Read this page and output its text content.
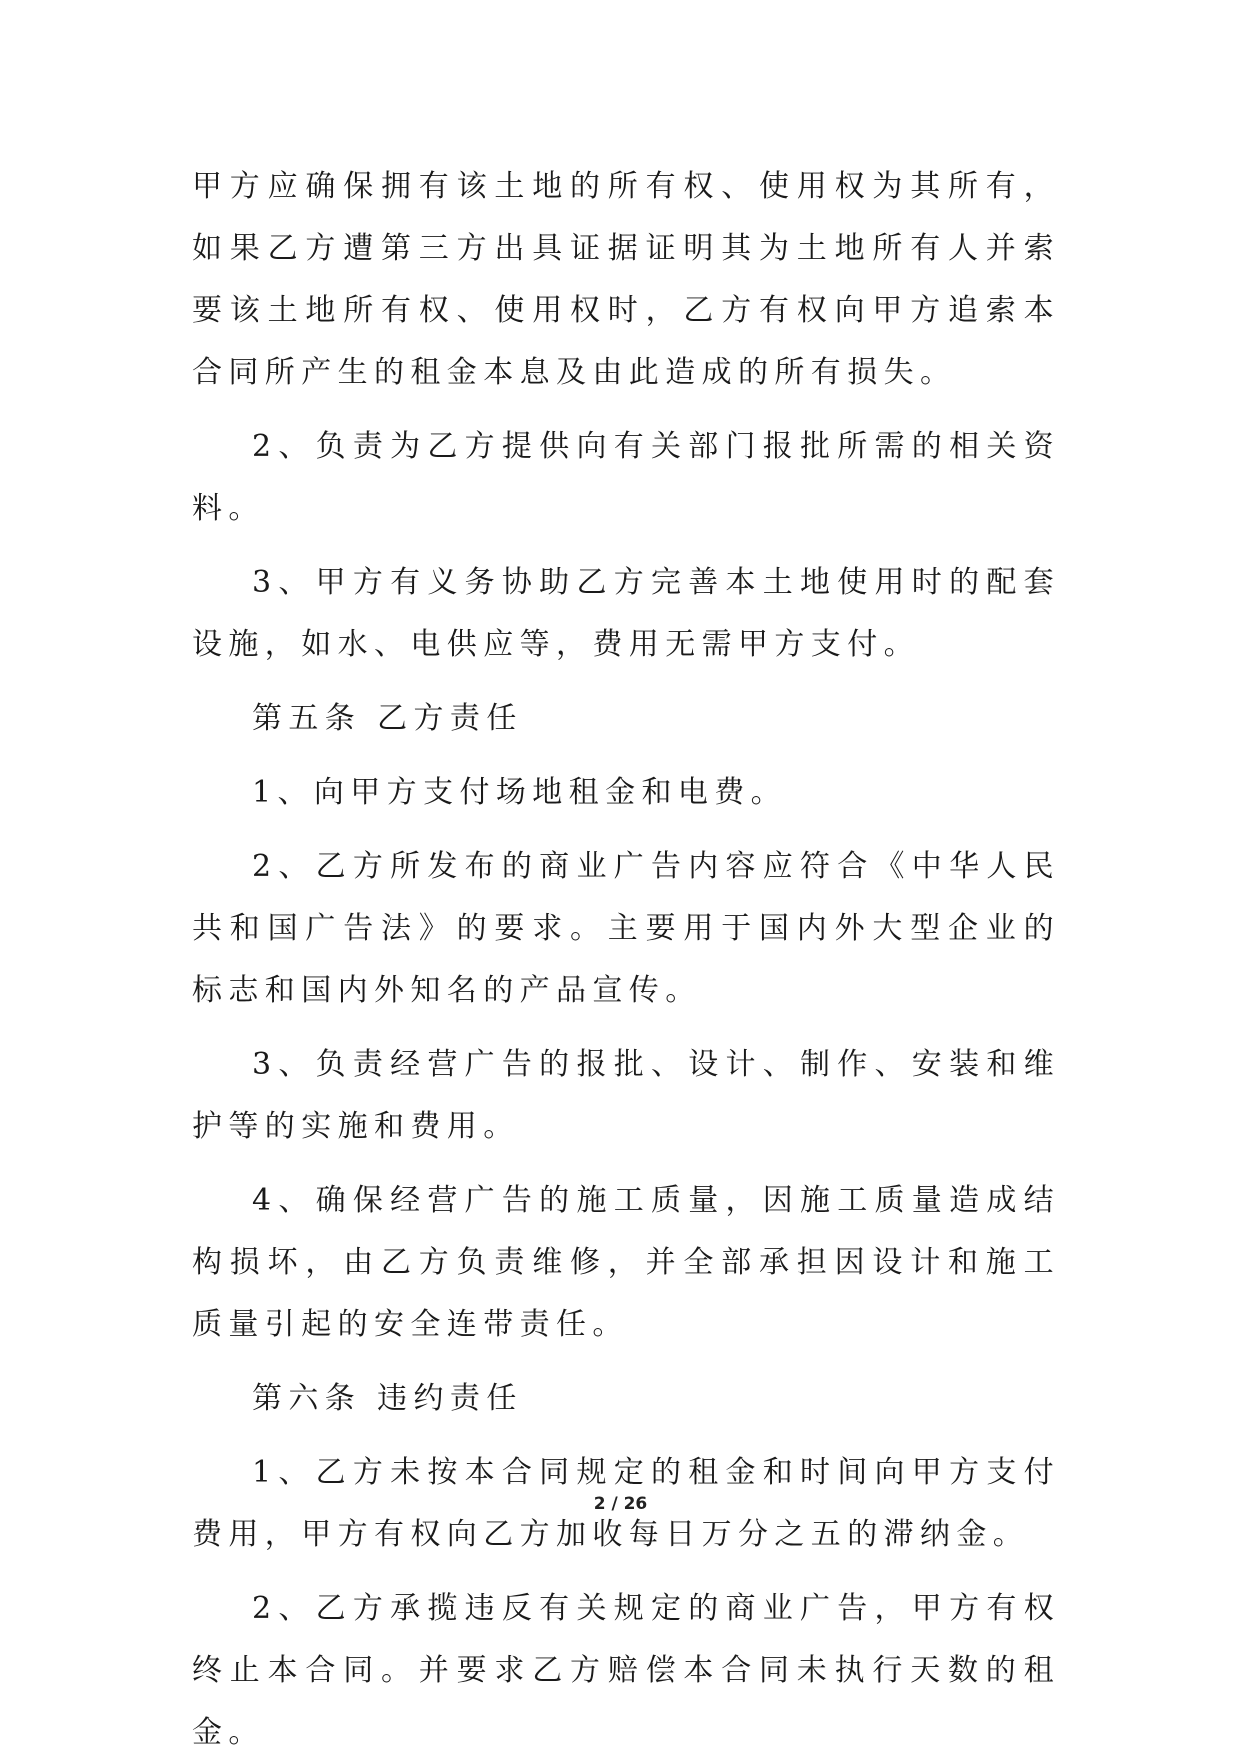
甲方应确保拥有该土地的所有权、使用权为其所有，如果乙方遭第三方出具证据证明其为土地所有人并索要该土地所有权、使用权时，乙方有权向甲方追索本合同所产生的租金本息及由此造成的所有损失。

2、负责为乙方提供向有关部门报批所需的相关资料。

3、甲方有义务协助乙方完善本土地使用时的配套设施，如水、电供应等，费用无需甲方支付。

第五条 乙方责任

1、向甲方支付场地租金和电费。

2、乙方所发布的商业广告内容应符合《中华人民共和国广告法》的要求。主要用于国内外大型企业的标志和国内外知名的产品宣传。

3、负责经营广告的报批、设计、制作、安装和维护等的实施和费用。

4、确保经营广告的施工质量，因施工质量造成结构损坏，由乙方负责维修，并全部承担因设计和施工质量引起的安全连带责任。

第六条 违约责任

1、乙方未按本合同规定的租金和时间向甲方支付费用，甲方有权向乙方加收每日万分之五的滞纳金。

2、乙方承揽违反有关规定的商业广告，甲方有权终止本合同。并要求乙方赔偿本合同未执行天数的租金。

2 / 26
